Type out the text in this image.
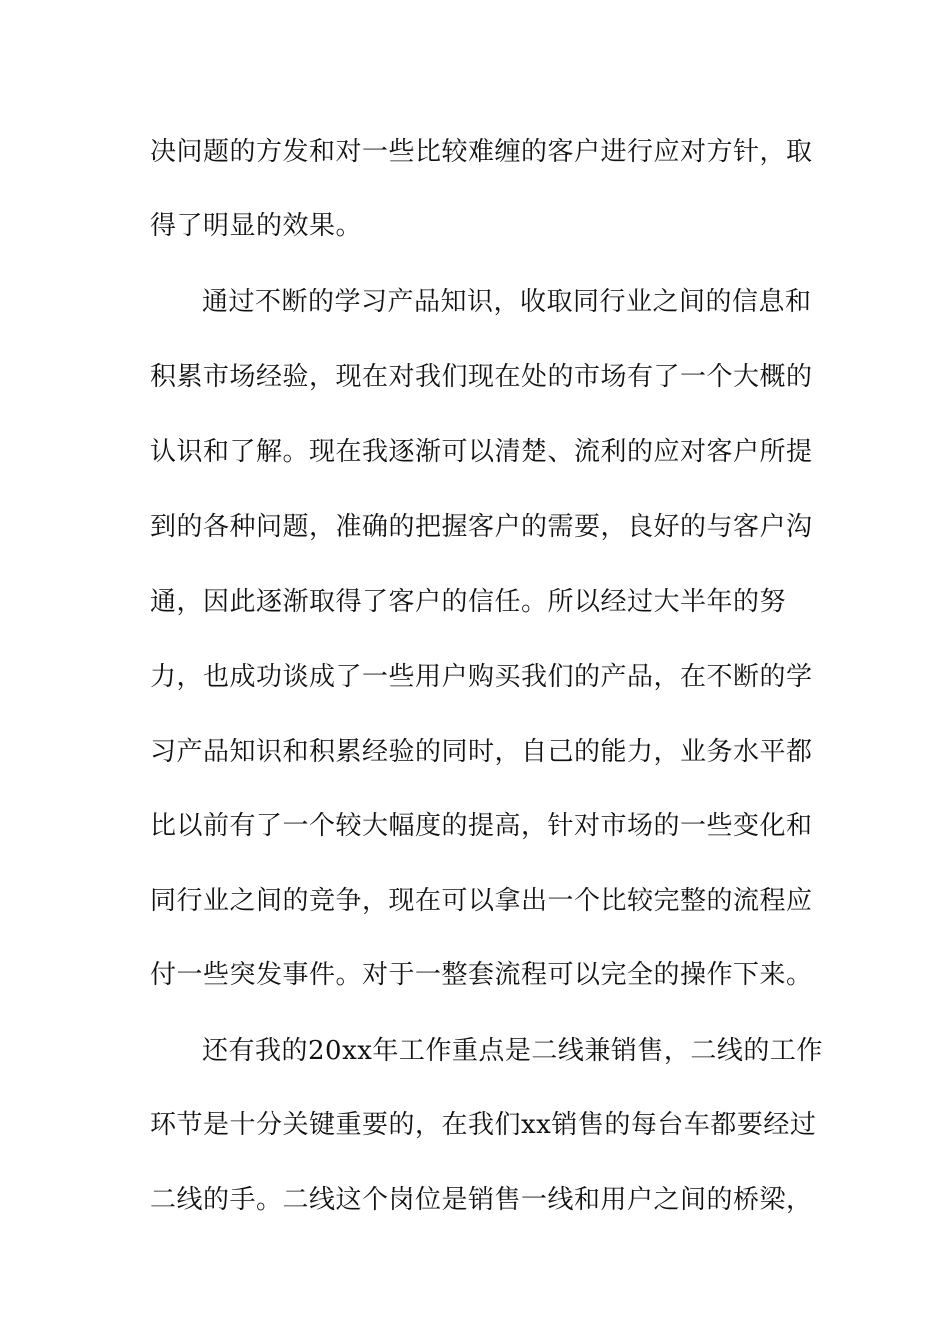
决问题的方发和对一些比较难缠的客户进行应对方针，取
得了明显的效果。
通过不断的学习产品知识，收取同行业之间的信息和
积累市场经验，现在对我们现在处的市场有了一个大概的
认识和了解。现在我逐渐可以清楚、流利的应对客户所提
到的各种问题，准确的把握客户的需要，良好的与客户沟
通，因此逐渐取得了客户的信任。所以经过大半年的努
力，也成功谈成了一些用户购买我们的产品，在不断的学
习产品知识和积累经验的同时，自己的能力，业务水平都
比以前有了一个较大幅度的提高，针对市场的一些变化和
同行业之间的竞争，现在可以拿出一个比较完整的流程应
付一些突发事件。对于一整套流程可以完全的操作下来。
还有我的20xx年工作重点是二线兼销售，二线的工作
环节是十分关键重要的，在我们xx销售的每台车都要经过
二线的手。二线这个岗位是销售一线和用户之间的桥梁，
